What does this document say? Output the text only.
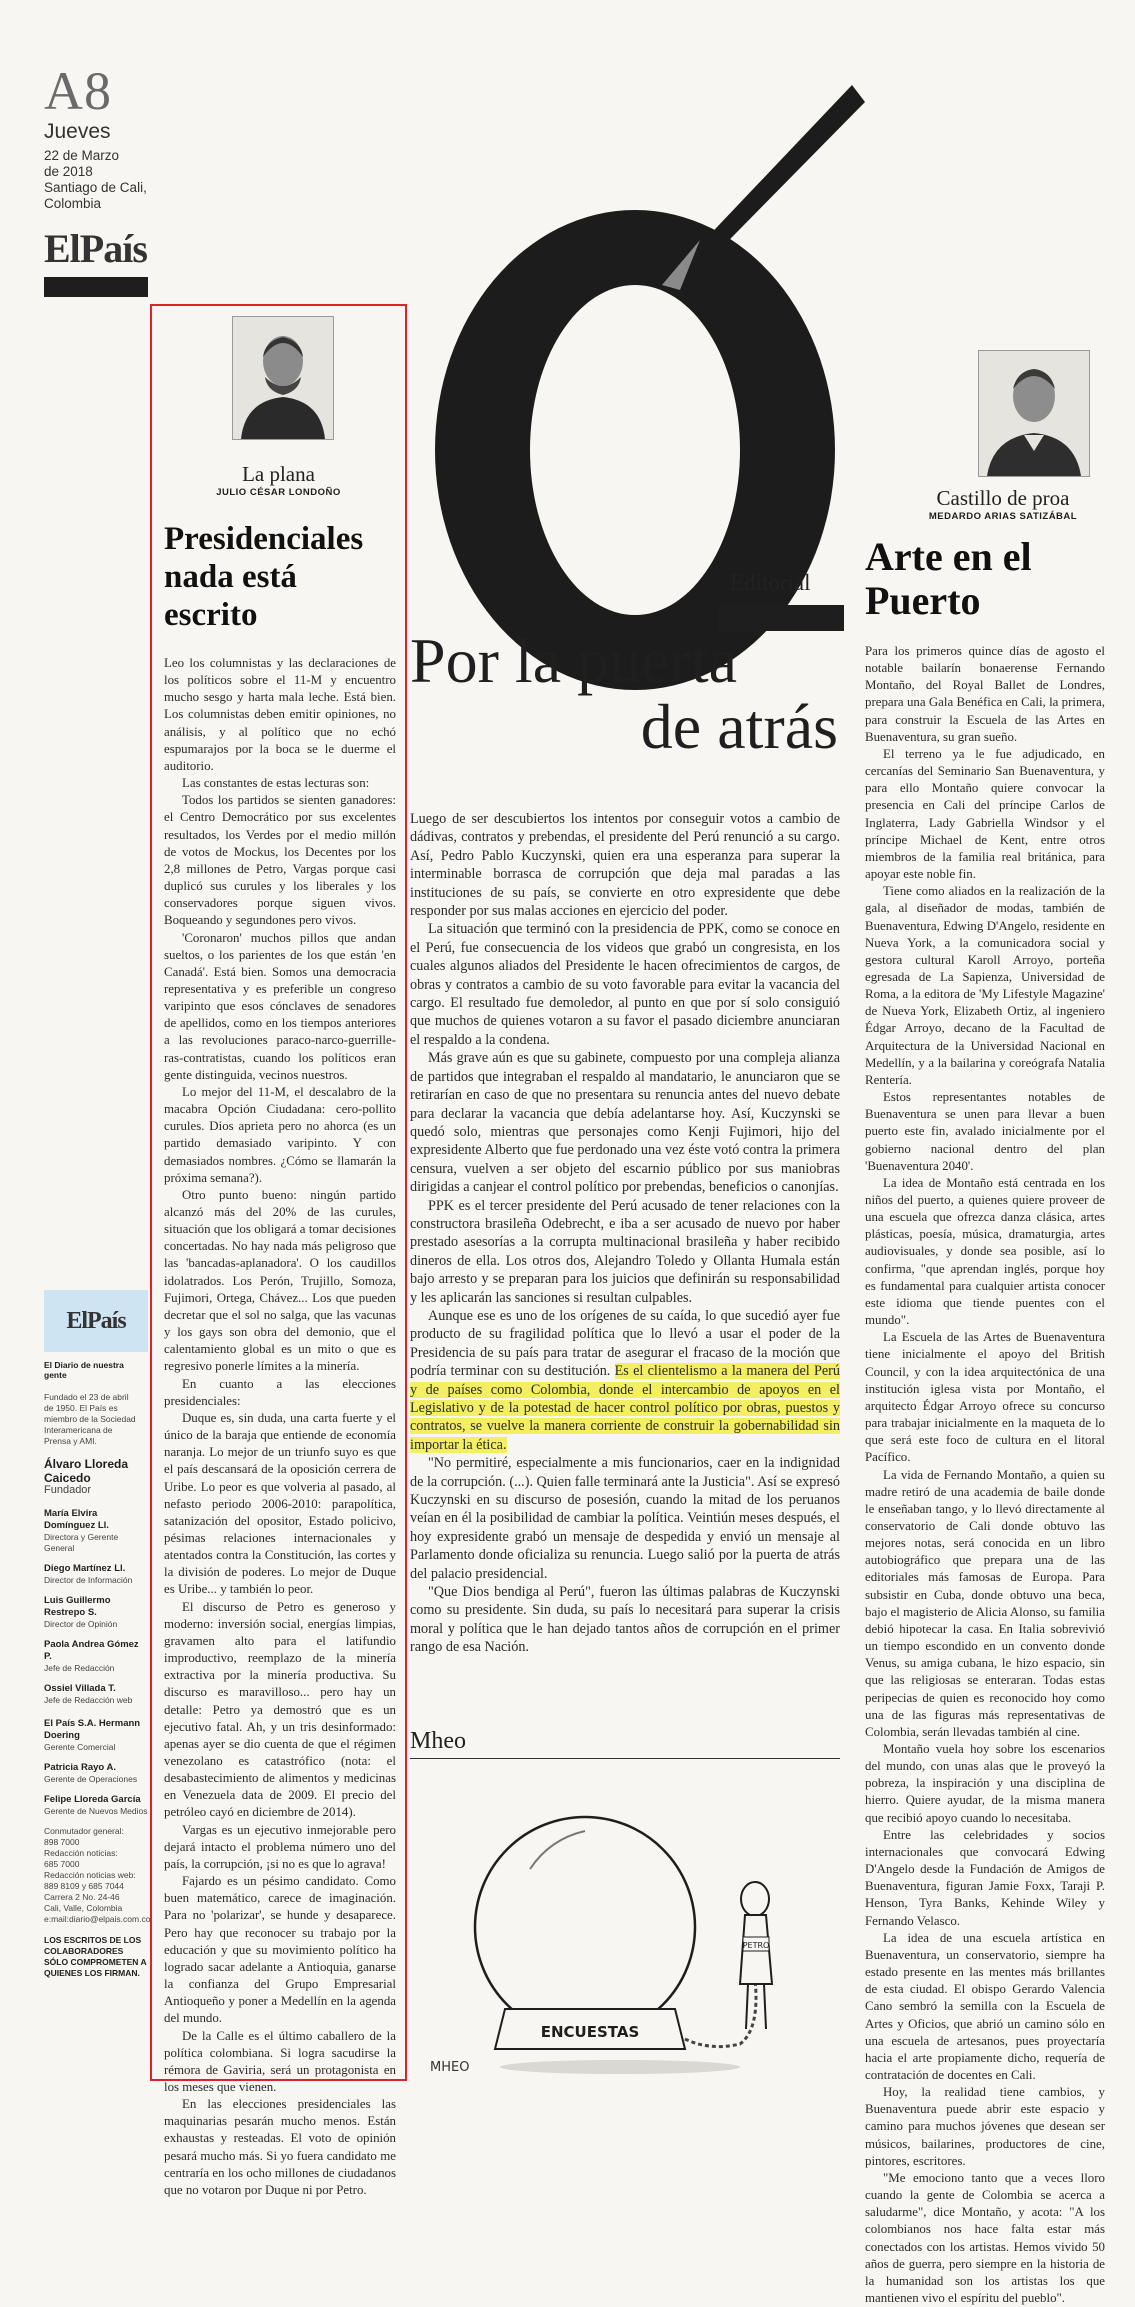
A8
Jueves
22 de Marzo
de 2018
Santiago de Cali,
Colombia
ElPaís
La plana
JULIO CÉSAR LONDOÑO
Presidenciales
nada está
escrito

Leo los columnistas y las declaraciones de los políticos sobre el 11-M y encuentro mucho sesgo y harta mala leche. Está bien. Los columnistas deben emitir opiniones, no análisis, y al político que no echó espumarajos por la boca se le duerme el auditorio.

Las constantes de estas lecturas son:

Todos los partidos se sienten ganadores: el Centro Democrático por sus excelentes resultados, los Verdes por el medio millón de votos de Mockus, los Decentes por los 2,8 millones de Petro, Vargas porque casi duplicó sus curules y los liberales y los conservadores porque siguen vivos. Boqueando y segundones pero vivos.

'Coronaron' muchos pillos que andan sueltos, o los parientes de los que están 'en Canadá'. Está bien. Somos una democracia representativa y es preferible un congreso varipinto que esos cónclaves de senadores de apellidos, como en los tiempos anteriores a las revoluciones paraco-narco-guerrille-ras-contratistas, cuando los políticos eran gente distinguida, vecinos nuestros.

Lo mejor del 11-M, el descalabro de la macabra Opción Ciudadana: cero-pollito curules. Dios aprieta pero no ahorca (es un partido demasiado varipinto. Y con demasiados nombres. ¿Cómo se llamarán la próxima semana?).

Otro punto bueno: ningún partido alcanzó más del 20% de las curules, situación que los obligará a tomar decisiones concertadas. No hay nada más peligroso que las 'bancadas-aplanadora'. O los caudillos idolatrados. Los Perón, Trujillo, Somoza, Fujimori, Ortega, Chávez... Los que pueden decretar que el sol no salga, que las vacunas y los gays son obra del demonio, que el calentamiento global es un mito o que es regresivo ponerle límites a la minería.

En cuanto a las elecciones presidenciales:

Duque es, sin duda, una carta fuerte y el único de la baraja que entiende de economía naranja. Lo mejor de un triunfo suyo es que el país descansará de la oposición cerrera de Uribe. Lo peor es que volveria al pasado, al nefasto periodo 2006-2010: parapolítica, satanización del opositor, Estado policivo, pésimas relaciones internacionales y atentados contra la Constitución, las cortes y la división de poderes. Lo mejor de Duque es Uribe... y también lo peor.

El discurso de Petro es generoso y moderno: inversión social, energías limpias, gravamen alto para el latifundio improductivo, reemplazo de la minería extractiva por la minería productiva. Su discurso es maravilloso... pero hay un detalle: Petro ya demostró que es un ejecutivo fatal. Ah, y un tris desinformado: apenas ayer se dio cuenta de que el régimen venezolano es catastrófico (nota: el desabastecimiento de alimentos y medicinas en Venezuela data de 2009. El precio del petróleo cayó en diciembre de 2014).

Vargas es un ejecutivo inmejorable pero dejará intacto el problema número uno del país, la corrupción, ¡si no es que lo agrava!

Fajardo es un pésimo candidato. Como buen matemático, carece de imaginación. Para no 'polarizar', se hunde y desaparece. Pero hay que reconocer su trabajo por la educación y que su movimiento político ha logrado sacar adelante a Antioquia, ganarse la confianza del Grupo Empresarial Antioqueño y poner a Medellín en la agenda del mundo.

De la Calle es el último caballero de la política colombiana. Si logra sacudirse la rémora de Gaviria, será un protagonista en los meses que vienen.

En las elecciones presidenciales las maquinarias pesarán mucho menos. Están exhaustas y resteadas. El voto de opinión pesará mucho más. Si yo fuera candidato me centraría en los ocho millones de ciudadanos que no votaron por Duque ni por Petro.

ElPaís
El Diario de nuestra gente
Fundado el 23 de abril
de 1950. El País es
miembro de la Sociedad
Interamericana de
Prensa y AMI.
Álvaro Lloreda Caicedo
Fundador
María Elvira Domínguez Ll.
Directora y Gerente General
Diego Martínez Ll.
Director de Información
Luis Guillermo Restrepo S.
Director de Opinión
Paola Andrea Gómez P.
Jefe de Redacción
Ossiel Villada T.
Jefe de Redacción web
El País S.A. Hermann Doering
Gerente Comercial
Patricia Rayo A.
Gerente de Operaciones
Felipe Lloreda García
Gerente de Nuevos Medios
Conmutador general:
898 7000
Redacción noticias:
685 7000
Redacción noticias web:
889 8109 y 685 7044
Carrera 2 No. 24-46
Cali, Valle, Colombia
e:mail:diario@elpais.com.co
LOS ESCRITOS DE LOS COLABORADORES SÓLO COMPROMETEN A QUIENES LOS FIRMAN.
Editorial
Por la puerta
de atrás

Luego de ser descubiertos los intentos por conseguir votos a cambio de dádivas, contratos y prebendas, el presidente del Perú renunció a su cargo. Así, Pedro Pablo Kuczynski, quien era una esperanza para superar la interminable borrasca de corrupción que deja mal paradas a las instituciones de su país, se convierte en otro expresidente que debe responder por sus malas acciones en ejercicio del poder.

La situación que terminó con la presidencia de PPK, como se conoce en el Perú, fue consecuencia de los videos que grabó un congresista, en los cuales algunos aliados del Presidente le hacen ofrecimientos de cargos, de obras y contratos a cambio de su voto favorable para evitar la vacancia del cargo. El resultado fue demoledor, al punto en que por sí solo consiguió que muchos de quienes votaron a su favor el pasado diciembre anunciaran el respaldo a la condena.

Más grave aún es que su gabinete, compuesto por una compleja alianza de partidos que integraban el respaldo al mandatario, le anunciaron que se retirarían en caso de que no presentara su renuncia antes del nuevo debate para declarar la vacancia que debía adelantarse hoy. Así, Kuczynski se quedó solo, mientras que personajes como Kenji Fujimori, hijo del expresidente Alberto que fue perdonado una vez éste votó contra la primera censura, vuelven a ser objeto del escarnio público por sus maniobras dirigidas a canjear el control político por prebendas, beneficios o canonjías.

PPK es el tercer presidente del Perú acusado de tener relaciones con la constructora brasileña Odebrecht, e iba a ser acusado de nuevo por haber prestado asesorías a la corrupta multinacional brasileña y haber recibido dineros de ella. Los otros dos, Alejandro Toledo y Ollanta Humala están bajo arresto y se preparan para los juicios que definirán su responsabilidad y les aplicarán las sanciones si resultan culpables.

Aunque ese es uno de los orígenes de su caída, lo que sucedió ayer fue producto de su fragilidad política que lo llevó a usar el poder de la Presidencia de su país para tratar de asegurar el fracaso de la moción que podría terminar con su destitución. Es el clientelismo a la manera del Perú y de países como Colombia, donde el intercambio de apoyos en el Legislativo y de la potestad de hacer control político por obras, puestos y contratos, se vuelve la manera corriente de construir la gobernabilidad sin importar la ética.

"No permitiré, especialmente a mis funcionarios, caer en la indignidad de la corrupción. (...). Quien falle terminará ante la Justicia". Así se expresó Kuczynski en su discurso de posesión, cuando la mitad de los peruanos veían en él la posibilidad de cambiar la política. Veintiún meses después, el hoy expresidente grabó un mensaje de despedida y envió un mensaje al Parlamento donde oficializa su renuncia. Luego salió por la puerta de atrás del palacio presidencial.

"Que Dios bendiga al Perú", fueron las últimas palabras de Kuczynski como su presidente. Sin duda, su país lo necesitará para superar la crisis moral y política que le han dejado tantos años de corrupción en el primer rango de esa Nación.

Mheo
ENCUESTAS
PETRO
MHEO
Castillo de proa
MEDARDO ARIAS SATIZÁBAL
Arte en el
Puerto

Para los primeros quince días de agosto el notable bailarín bonaerense Fernando Montaño, del Royal Ballet de Londres, prepara una Gala Benéfica en Cali, la primera, para construir la Escuela de las Artes en Buenaventura, su gran sueño.

El terreno ya le fue adjudicado, en cercanías del Seminario San Buenaventura, y para ello Montaño quiere convocar la presencia en Cali del príncipe Carlos de Inglaterra, Lady Gabriella Windsor y el príncipe Michael de Kent, entre otros miembros de la familia real británica, para apoyar este noble fin.

Tiene como aliados en la realización de la gala, al diseñador de modas, también de Buenaventura, Edwing D'Angelo, residente en Nueva York, a la comunicadora social y gestora cultural Karoll Arroyo, porteña egresada de La Sapienza, Universidad de Roma, a la editora de 'My Lifestyle Magazine' de Nueva York, Elizabeth Ortiz, al ingeniero Édgar Arroyo, decano de la Facultad de Arquitectura de la Universidad Nacional en Medellín, y a la bailarina y coreógrafa Natalia Rentería.

Estos representantes notables de Buenaventura se unen para llevar a buen puerto este fin, avalado inicialmente por el gobierno nacional dentro del plan 'Buenaventura 2040'.

La idea de Montaño está centrada en los niños del puerto, a quienes quiere proveer de una escuela que ofrezca danza clásica, artes plásticas, poesía, música, dramaturgia, artes audiovisuales, y donde sea posible, así lo confirma, "que aprendan inglés, porque hoy es fundamental para cualquier artista conocer este idioma que tiende puentes con el mundo".

La Escuela de las Artes de Buenaventura tiene inicialmente el apoyo del British Council, y con la idea arquitectónica de una institución iglesa vista por Montaño, el arquitecto Édgar Arroyo ofrece su concurso para trabajar inicialmente en la maqueta de lo que será este foco de cultura en el litoral Pacífico.

La vida de Fernando Montaño, a quien su madre retiró de una academia de baile donde le enseñaban tango, y lo llevó directamente al conservatorio de Cali donde obtuvo las mejores notas, será conocida en un libro autobiográfico que prepara una de las editoriales más famosas de Europa. Para subsistir en Cuba, donde obtuvo una beca, bajo el magisterio de Alicia Alonso, su familia debió hipotecar la casa. En Italia sobrevivió un tiempo escondido en un convento donde Venus, su amiga cubana, le hizo espacio, sin que las religiosas se enteraran. Todas estas peripecias de quien es reconocido hoy como una de las figuras más representativas de Colombia, serán llevadas también al cine.

Montaño vuela hoy sobre los escenarios del mundo, con unas alas que le proveyó la pobreza, la inspiración y una disciplina de hierro. Quiere ayudar, de la misma manera que recibió apoyo cuando lo necesitaba.

Entre las celebridades y socios internacionales que convocará Edwing D'Angelo desde la Fundación de Amigos de Buenaventura, figuran Jamie Foxx, Taraji P. Henson, Tyra Banks, Kehinde Wiley y Fernando Velasco.

La idea de una escuela artística en Buenaventura, un conservatorio, siempre ha estado presente en las mentes más brillantes de esta ciudad. El obispo Gerardo Valencia Cano sembró la semilla con la Escuela de Artes y Oficios, que abrió un camino sólo en una escuela de artesanos, pues proyectaría hacia el arte propiamente dicho, requería de contratación de docentes en Cali.

Hoy, la realidad tiene cambios, y Buenaventura puede abrir este espacio y camino para muchos jóvenes que desean ser músicos, bailarines, productores de cine, pintores, escritores.

"Me emociono tanto que a veces lloro cuando la gente de Colombia se acerca a saludarme", dice Montaño, y acota: "A los colombianos nos hace falta estar más conectados con los artistas. Hemos vivido 50 años de guerra, pero siempre en la historia de la humanidad son los artistas los que mantienen vivo el espíritu del pueblo".
